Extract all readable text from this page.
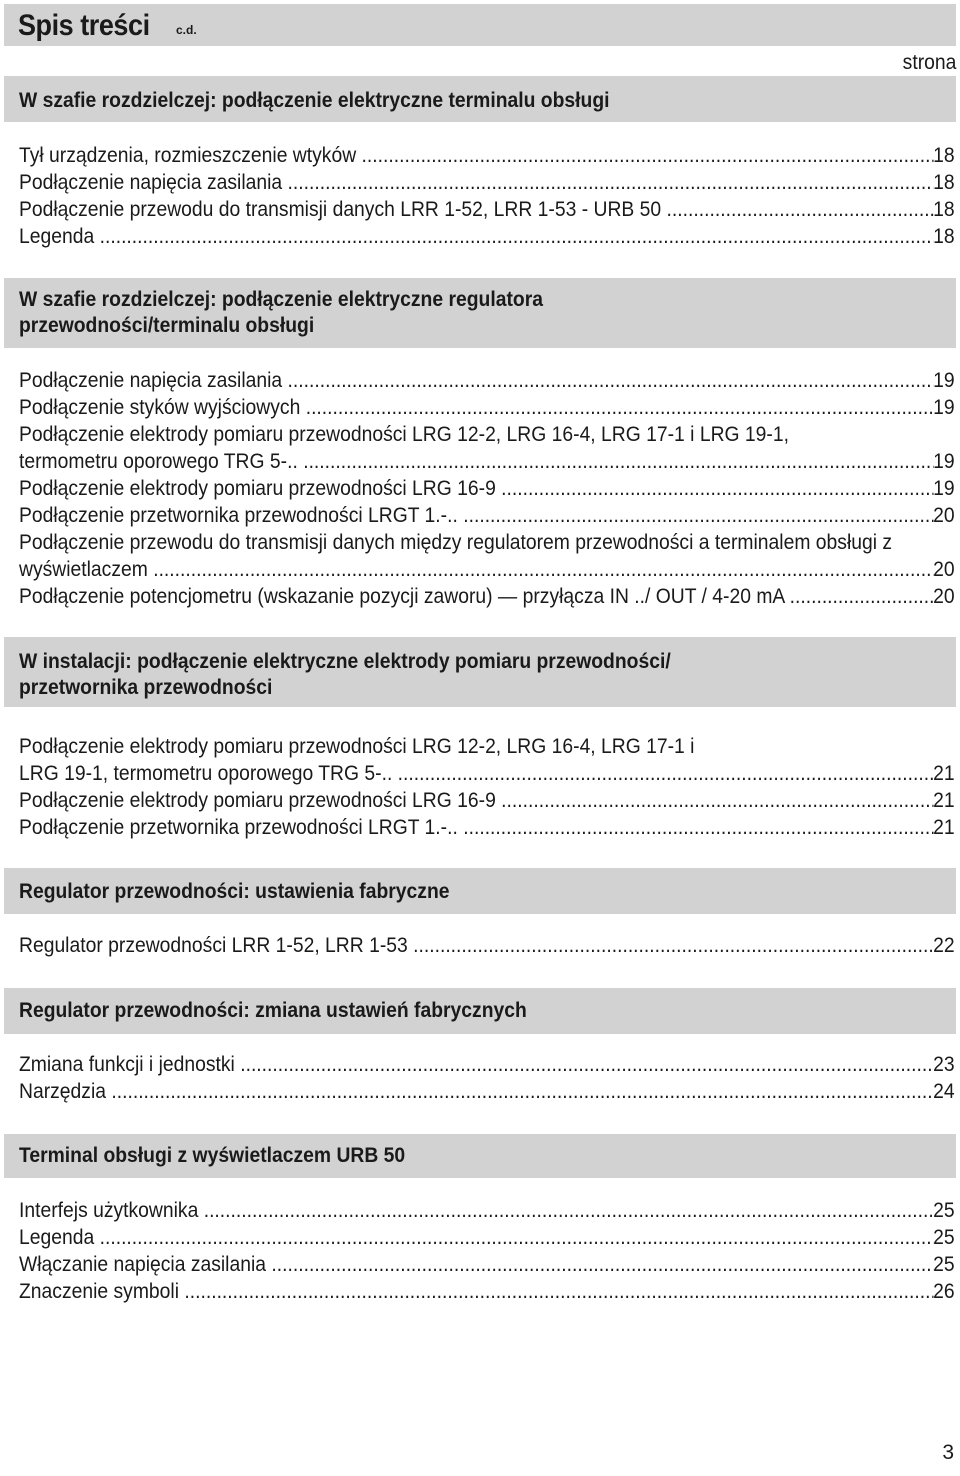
Spis treści c.d.
strona
W szafie rozdzielczej: podłączenie elektryczne terminalu obsługi
Tył urządzenia, rozmieszczenie wtyków .....	18
Podłączenie napięcia zasilania .....	18
Podłączenie przewodu do transmisji danych LRR 1-52, LRR 1-53 - URB 50 .....	18
Legenda .....	18
W szafie rozdzielczej: podłączenie elektryczne regulatora
przewodności/terminalu obsługi
Podłączenie napięcia zasilania .....	19
Podłączenie styków wyjściowych .....	19
Podłączenie elektrody pomiaru przewodności LRG 12-2, LRG 16-4, LRG 17-1 i LRG 19-1,
termometru oporowego TRG 5-.. .....	19
Podłączenie elektrody pomiaru przewodności LRG 16-9 .....	19
Podłączenie przetwornika przewodności LRGT 1.-.. .....	20
Podłączenie przewodu do transmisji danych między regulatorem przewodności a terminalem obsługi z
wyświetlaczem .....	20
Podłączenie potencjometru (wskazanie pozycji zaworu) — przyłącza IN ../ OUT / 4-20 mA .....	20
W instalacji: podłączenie elektryczne elektrody pomiaru przewodności/
przetwornika przewodności
Podłączenie elektrody pomiaru przewodności LRG 12-2, LRG 16-4, LRG 17-1 i
LRG 19-1, termometru oporowego TRG 5-.. .....	21
Podłączenie elektrody pomiaru przewodności LRG 16-9 .....	21
Podłączenie przetwornika przewodności LRGT 1.-.. .....	21
Regulator przewodności: ustawienia fabryczne
Regulator przewodności LRR 1-52, LRR 1-53 .....	22
Regulator przewodności: zmiana ustawień fabrycznych
Zmiana funkcji i jednostki .....	23
Narzędzia .....	24
Terminal obsługi z wyświetlaczem URB 50
Interfejs użytkownika .....	25
Legenda .....	25
Włączanie napięcia zasilania .....	25
Znaczenie symboli .....	26
3
